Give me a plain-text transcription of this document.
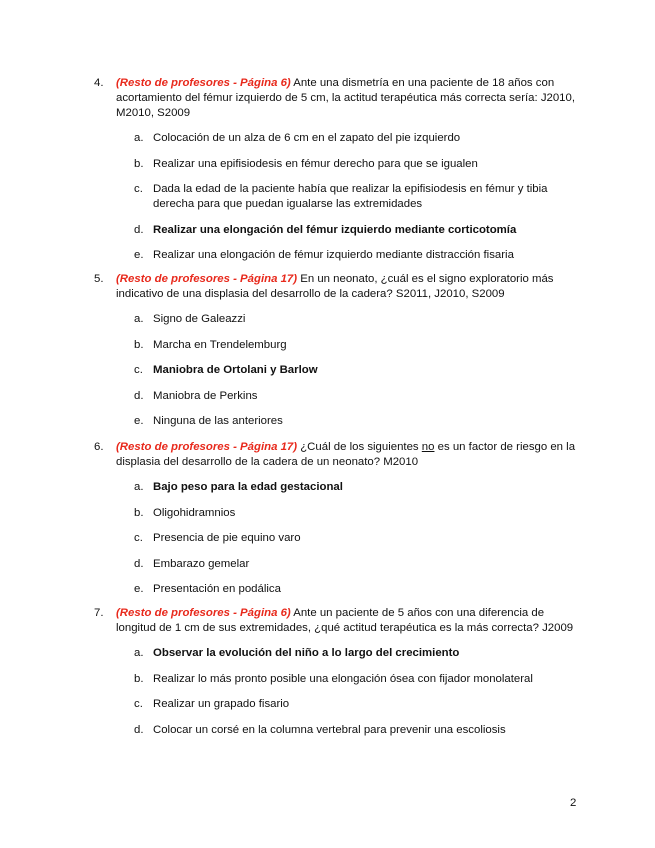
4. (Resto de profesores - Página 6) Ante una dismetría en una paciente de 18 años con acortamiento del fémur izquierdo de 5 cm, la actitud terapéutica más correcta sería: J2010, M2010, S2009
a. Colocación de un alza de 6 cm en el zapato del pie izquierdo
b. Realizar una epifisiodesis en fémur derecho para que se igualen
c. Dada la edad de la paciente había que realizar la epifisiodesis en fémur y tibia derecha para que puedan igualarse las extremidades
d. Realizar una elongación del fémur izquierdo mediante corticotomía
e. Realizar una elongación de fémur izquierdo mediante distracción fisaria
5. (Resto de profesores - Página 17) En un neonato, ¿cuál es el signo exploratorio más indicativo de una displasia del desarrollo de la cadera? S2011, J2010, S2009
a. Signo de Galeazzi
b. Marcha en Trendelemburg
c. Maniobra de Ortolani y Barlow
d. Maniobra de Perkins
e. Ninguna de las anteriores
6. (Resto de profesores - Página 17) ¿Cuál de los siguientes no es un factor de riesgo en la displasia del desarrollo de la cadera de un neonato? M2010
a. Bajo peso para la edad gestacional
b. Oligohidramnios
c. Presencia de pie equino varo
d. Embarazo gemelar
e. Presentación en podálica
7. (Resto de profesores - Página 6) Ante un paciente de 5 años con una diferencia de longitud de 1 cm de sus extremidades, ¿qué actitud terapéutica es la más correcta? J2009
a. Observar la evolución del niño a lo largo del crecimiento
b. Realizar lo más pronto posible una elongación ósea con fijador monolateral
c. Realizar un grapado fisario
d. Colocar un corsé en la columna vertebral para prevenir una escoliosis
2
